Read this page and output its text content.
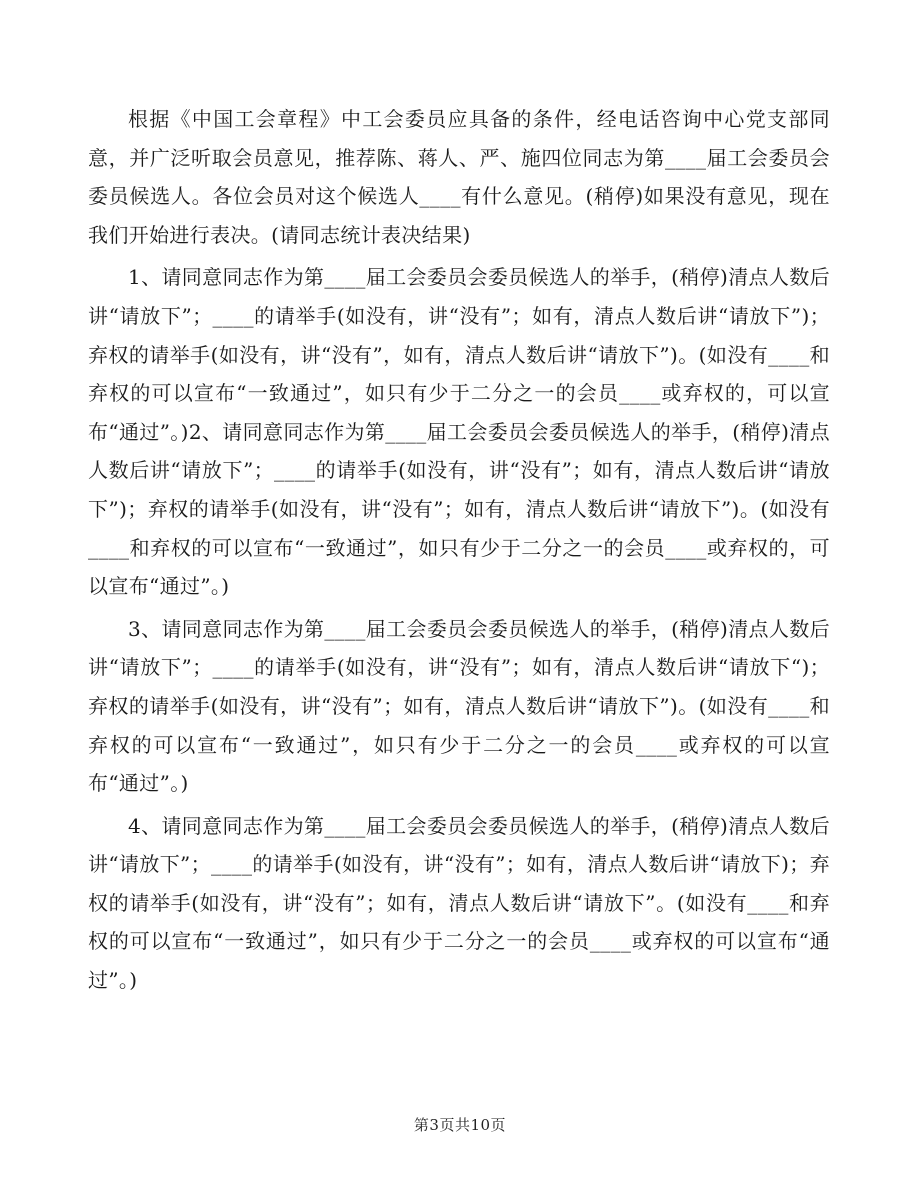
根据《中国工会章程》中工会委员应具备的条件，经电话咨询中心党支部同意，并广泛听取会员意见，推荐陈、蒋人、严、施四位同志为第____届工会委员会委员候选人。各位会员对这个候选人____有什么意见。(稍停)如果没有意见，现在我们开始进行表决。(请同志统计表决结果)

1、请同意同志作为第____届工会委员会委员候选人的举手，(稍停)清点人数后讲“请放下”；____的请举手(如没有，讲“没有”；如有，清点人数后讲“请放下”)；弃权的请举手(如没有，讲“没有”，如有，清点人数后讲“请放下”)。(如没有____和弃权的可以宣布“一致通过”，如只有少于二分之一的会员____或弃权的，可以宣布“通过”。)2、请同意同志作为第____届工会委员会委员候选人的举手，(稍停)清点人数后讲“请放下”；____的请举手(如没有，讲“没有”；如有，清点人数后讲“请放下”)；弃权的请举手(如没有，讲“没有”；如有，清点人数后讲“请放下”)。(如没有____和弃权的可以宣布“一致通过”，如只有少于二分之一的会员____或弃权的，可以宣布“通过”。)

3、请同意同志作为第____届工会委员会委员候选人的举手，(稍停)清点人数后讲“请放下”；____的请举手(如没有，讲“没有”；如有，清点人数后讲“请放下“)；弃权的请举手(如没有，讲“没有”；如有，清点人数后讲“请放下”)。(如没有____和弃权的可以宣布“一致通过”，如只有少于二分之一的会员____或弃权的可以宣布“通过”。)

4、请同意同志作为第____届工会委员会委员候选人的举手，(稍停)清点人数后讲“请放下”；____的请举手(如没有，讲“没有”；如有，清点人数后讲“请放下)；弃权的请举手(如没有，讲“没有”；如有，清点人数后讲“请放下”。(如没有____和弃权的可以宣布“一致通过”，如只有少于二分之一的会员____或弃权的可以宣布“通过”。)

第3页共10页
